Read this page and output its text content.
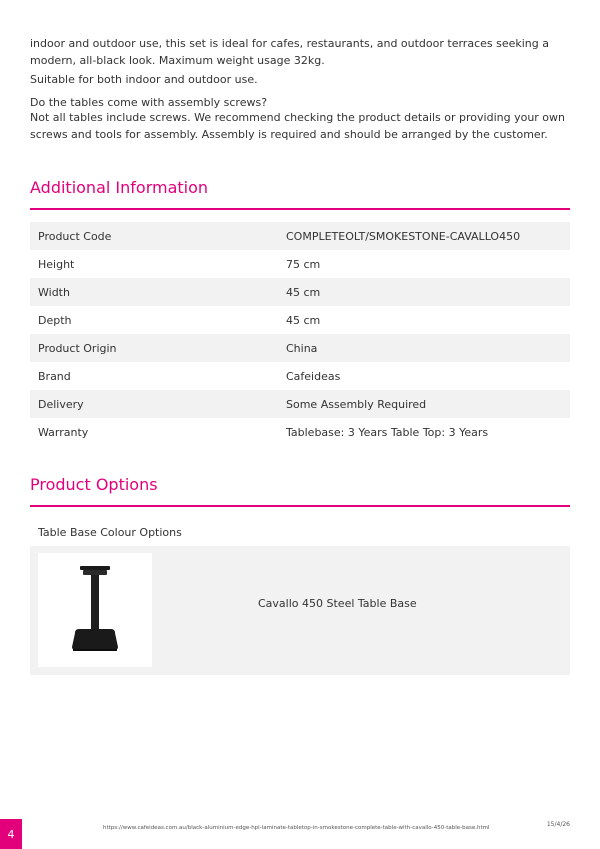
indoor and outdoor use, this set is ideal for cafes, restaurants, and outdoor terraces seeking a modern, all-black look. Maximum weight usage 32kg.

Suitable for both indoor and outdoor use.

Do the tables come with assembly screws?

Not all tables include screws. We recommend checking the product details or providing your own screws and tools for assembly. Assembly is required and should be arranged by the customer.

Additional Information
Product Code	COMPLETEOLT/SMOKESTONE-CAVALLO450
Height	75 cm
Width	45 cm
Depth	45 cm
Product Origin	China
Brand	Cafeideas
Delivery	Some Assembly Required
Warranty	Tablebase: 3 Years Table Top: 3 Years
Product Options
Table Base Colour Options
Cavallo 450 Steel Table Base
4	https://www.cafeideas.com.au/black-aluminium-edge-hpl-laminate-tabletop-in-smokestone-complete-table-with-cavallo-450-table-base.html	15/4/26
